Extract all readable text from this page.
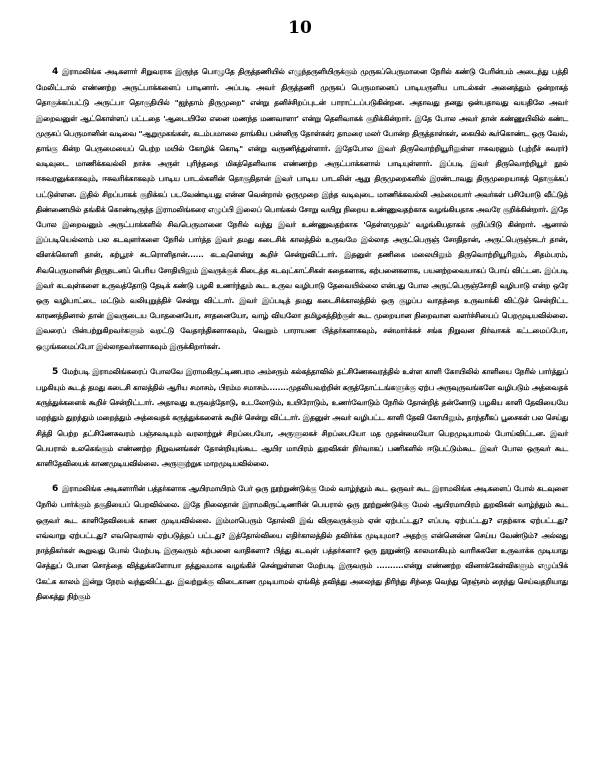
10

4 இராமலிங்க அடிகளார் சிறுவராக இருந்த பொழுதே திருத்தணியில் எழுந்தருளியிருக்கும் முருகப்பெருமானை நேரில் கண்டு பேரின்பம் அடைந்து பத்தி மேலிட்டால் எண்ணற்ற அருட்பாக்களைப் பாடினார். அப்படி அவர் திருத்தணி முருகப் பெருமானைப் பாடியருளிய பாடல்கள் அனைத்தும் ஒன்றாகத் தொகுக்கப்பட்டு அருட்பா தொகுதியில் "ஐந்தாம் திருமுறை" என்று தனிச்சிறப்புடன் பாராட்டப்படுகின்றன. அதாவது தனது ஒன்பதாவது வயதிலே அவர் இறைவனுள் ஆட்கொள்ளப் பட்டதை 'ஆடையிலே எனை மணந்த மணவாளா' என்று தெளிவாகக் குறிக்கின்றார். இதே போல அவர் தான் கண்ணுயிலில் கண்ட முருகப் பெருமானின் வடிவை "ஆறுமுகங்கள், கடம்பமாலை தாங்கிய பன்னிரு தோள்கள்; தாமரை மலர் போன்ற திருத்தாள்கள், கையில் கூர்கொண்ட ஒரு வேல், தாங்கு கின்ற பெருமையைப் பெற்ற மயில் கோழிக் கொடி" என்று வருணித்துள்ளார். இதேபோல இவர் திருவொற்றியூரிலுள்ள ஈசுவரனும் (புற்றீச் சுவரர்) வடிவுடை மாணிக்கவல்லி நாச்சு அருள் புரிந்ததை மிகத்தெளிவாக எண்ணற்ற அருட்பாக்களால் பாடியுள்ளார். இப்படி இவர் திருவொற்றியூர் நூல் ஈசுவரனுக்காகவும், ஈசுவரிக்காகவும் பாடிய பாடல்களின் தொகுதிதான் இவர் பாடிய பாடலின் ஆறு திருமுறைகளில் இரண்டாவது திருமுறையாகத் தொகுக்கப் பட்டுள்ளன. இதில் சிறப்பாகக் குறிக்கப் படவேண்டியது என்ன வென்றால் ஒருமுறை இந்த வடிவுடை மாணிக்கவல்லி அம்மையார் அவர்கள் பசியோடு வீட்டுத் திண்ணையில் தங்கிக் கொண்டிருந்த இராமலிங்கரை எழுப்பி இலைப் பொங்கல் சோறு வயிறு நிறைய உண்ணுவதற்காக வழங்கியதாக அவரே குறிக்கின்றார். இதே போல இறைவனும் அருட்பாக்களில் சிவபெருமானை நேரில் வந்து இவர் உண்ணுவதற்காக 'தெள்ளமுதம்' வழங்கியதாகக் குறிப்பிடு கின்றார். ஆனால் இப்படியெல்லாம் பல கடவுளர்களை நேரில் பார்த்த இவர் தமது கடைசிக் காலத்தில் உருவமே இல்லாத அருட்பெருஞ் சோதிதான், அருட்பெருஞ்சுடர் தான், விளக்கொளி தான், கற்பூரச் சுடரொளிதான்...... கடவுளென்று கூறிச் சென்றுவிட்டார். இதனுள் தணிகை மலையிலும் திருவொற்றியூரிலும், சிதம்பரம், சிவபெருமானின் திருநடனப் பெரிய சோதியிலும் இவருக்குக் கிடைத்த கடவுட்காட்சிகள் கதைகளாக, கற்பனைகளாக, பயனற்றவையாகப் போய் விட்டன. இப்படி இவர் கடவுள்களை உருவத்தோடு தேடிக் கண்டு பழகி உணர்ந்தும் கூட உருவ வழிபாடு தேவையில்லை என்பது போல அருட்பெருஞ்சோதி வழிபாடு என்ற ஒரே ஒரு வழிபாட்டை மட்டும் வலியுறுத்திச் சென்று விட்டார். இவர் இப்படித் தமது கடைசிக்காலத்தில் ஒரு குழப்ப வாதத்தை உருவாக்கி விட்டுச் சென்றிட்ட காரணத்தினால் தான் இவருடைய போதனையோ, சாதனையோ, வாழ் வியலோ தமிழகத்திற்குள் கூட முறையான நிறைவான வளர்ச்சியைப் பெறமுடியவில்லை. இவரைப் பின்பற்றுகிறவர்களும் வறட்டு வேதாந்திகளாகவும், வெறும் பாராயண பித்தர்களாகவும், சன்மார்க்கச் சங்க நிறுவன நிர்வாகக் கட்டமைப்போ, ஒழுங்கமைப்போ இல்லாதவர்களாகவும் இருக்கிறார்கள்.

5 மேற்படி இராமலிங்கரைப் போலவே இராமகிருட்டிணபரம அம்சரும் கல்கத்தாவில் தட்சிணேசுவரத்தில் உள்ள காளி கோயிலில் காளியை நேரில் பார்த்துப் பழகியும் கூடத் தமது கடைசி காலத்தில் ஆரிய சமாசம், பிரம்ம சமாசம்........முதலியவற்றின் கருத்தோட்டங்களுக்கு ஏற்ப அருவுருவங்களே வழிபடும் அத்வைதக் கருத்துக்களைக் கூறிச் சென்றிட்டார். அதாவது உருவத்தோடு, உடலோடும், உயிரோடும், உணர்வோடும் நேரில் தோன்றித் தன்னோடு பழகிய காளி தேவியையே மறந்தும் துறந்தும் மறைத்தும் அத்வைதக் கருத்துக்களைக் கூறிச் சென்று விட்டார். இதனுள் அவர் வழிபட்ட காளி தேவி கோயிலும், தாந்தரீகப் பூசைகள் பல செய்து சித்தி பெற்ற தட்சிணேசுவரம் பஞ்சவடியும் வரலாற்றுச் சிறப்பையோ, அருளுலகச் சிறப்பையோ மத முதன்மையோ பெறமுடியாமல் போய்விட்டன. இவர் பெயரால் உலகெங்கும் எண்ணற்ற நிறுவனங்கள் தோன்றியுங்கூட ஆயிர மாயிரம் துறவிகள் நிர்வாகப் பணிகளில் ஈடுபட்டும்கூட இவர் போல ஒருவர் கூட காளிதேவியைக் காணமுடியவில்லை. அருளுற்றுக மாறமுடியவில்லை.

6 இராமலிங்க அடிகளாரின் பத்தர்களாக ஆயிரமாயிரம் பேர் ஒரு நூற்றுண்டுக்கு மேல் வாழ்ந்தும் கூட ஒருவர் கூட இராமலிங்க அடிகளைப் போல் கடவுளை நேரில் பார்க்கும் தகுதியைப் பெறவில்லை. இதே நிலைதான் இராமகிருட்டிணரின் பெயரால் ஒரு நூற்றுண்டுக்கு மேல் ஆயிரமாயிரம் துறவிகள் வாழ்ந்தும் கூட ஒருவர் கூட காளிதேவியைக் காண முடியவில்லை. இம்மாபெரும் தோல்வி இவ் விருவருக்கும் ஏன் ஏற்பட்டது? எப்படி ஏற்பட்டது? எதற்காக ஏற்பட்டது? எவ்வாறு ஏற்பட்டது? எவரெவரால் ஏற்படுத்தப் பட்டது? இத்தோல்வியை எதிர்காலத்தில் தவிர்க்க முடியுமா? அதற்கு என்னென்ன செய்ய வேண்டும்? அல்லது நாத்திகர்கள் கூறுவது போல் மேற்படி இருவரும் கற்பனை வாதிகளா? பித்து கடவுள் பத்தர்களா? ஒரு நூறுண்டு காலமாகியும் வாரிசுகளே உருவாக்க முடியாது செத்துப் போன சொத்தை வித்துக்களோயா தத்துவமாக வழங்கிச் சென்றுள்ளன மேற்படி இருவரும் ..........என்று எண்ணற்ற வினாக்கேள்விகளும் எழுப்பிக் கேட்க காலம் இன்று நேரம் வந்துவிட்டது. இவற்றுக்கு விடைகாண முடியாமல் ஏங்கித் தவித்து அலைந்து திரிந்து சிந்தை வெந்து நெஞ்சம் நைந்து செய்வதறியாது திகைத்து நிற்கும்
